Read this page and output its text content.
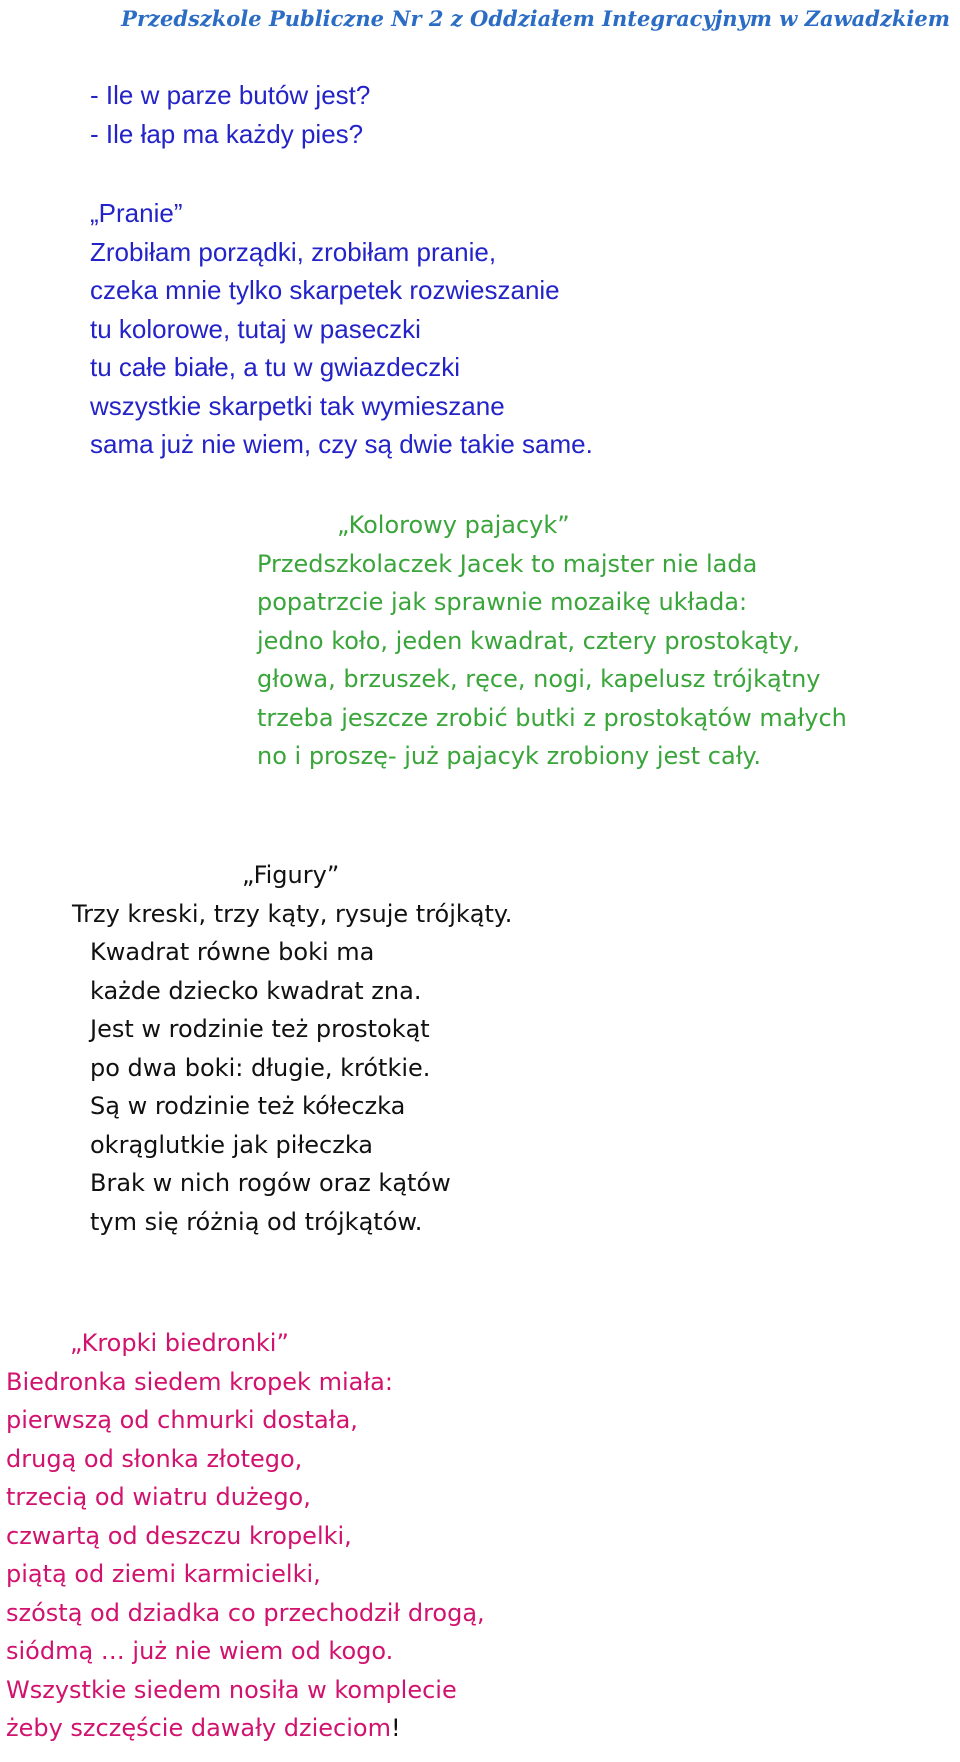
Przedszkole Publiczne Nr 2 z Oddziałem Integracyjnym w Zawadzkiem
- Ile w parze butów jest?
- Ile łap ma każdy pies?
„Pranie”
Zrobiłam porządki, zrobiłam pranie,
czeka mnie tylko skarpetek rozwieszanie
tu kolorowe, tutaj w paseczki
tu całe białe, a tu w gwiazdeczki
wszystkie skarpetki tak wymieszane
sama już nie wiem, czy są dwie takie same.
„Kolorowy pajacyk”
Przedszkolaczek Jacek to majster nie lada
popatrzcie jak sprawnie mozaikę układa:
jedno koło, jeden kwadrat, cztery prostokąty,
głowa, brzuszek, ręce, nogi, kapelusz trójkątny
trzeba jeszcze zrobić butki z prostokątów małych
no i proszę- już pajacyk zrobiony jest cały.
„Figury”
Trzy kreski, trzy kąty, rysuje trójkąty.
Kwadrat równe boki ma
każde dziecko kwadrat zna.
Jest w rodzinie też prostokąt
po dwa boki: długie, krótkie.
Są w rodzinie też kółeczka
okrąglutkie jak piłeczka
Brak w nich rogów oraz kątów
tym się różnią od trójkątów.
„Kropki biedronki”
Biedronka siedem kropek miała:
pierwszą od chmurki dostała,
drugą od słonka złotego,
trzecią od wiatru dużego,
czwartą od deszczu kropelki,
piątą od ziemi karmicielki,
szóstą od dziadka co przechodził drogą,
siódmą … już nie wiem od kogo.
Wszystkie siedem nosiła w komplecie
żeby szczęście dawały dzieciom!
